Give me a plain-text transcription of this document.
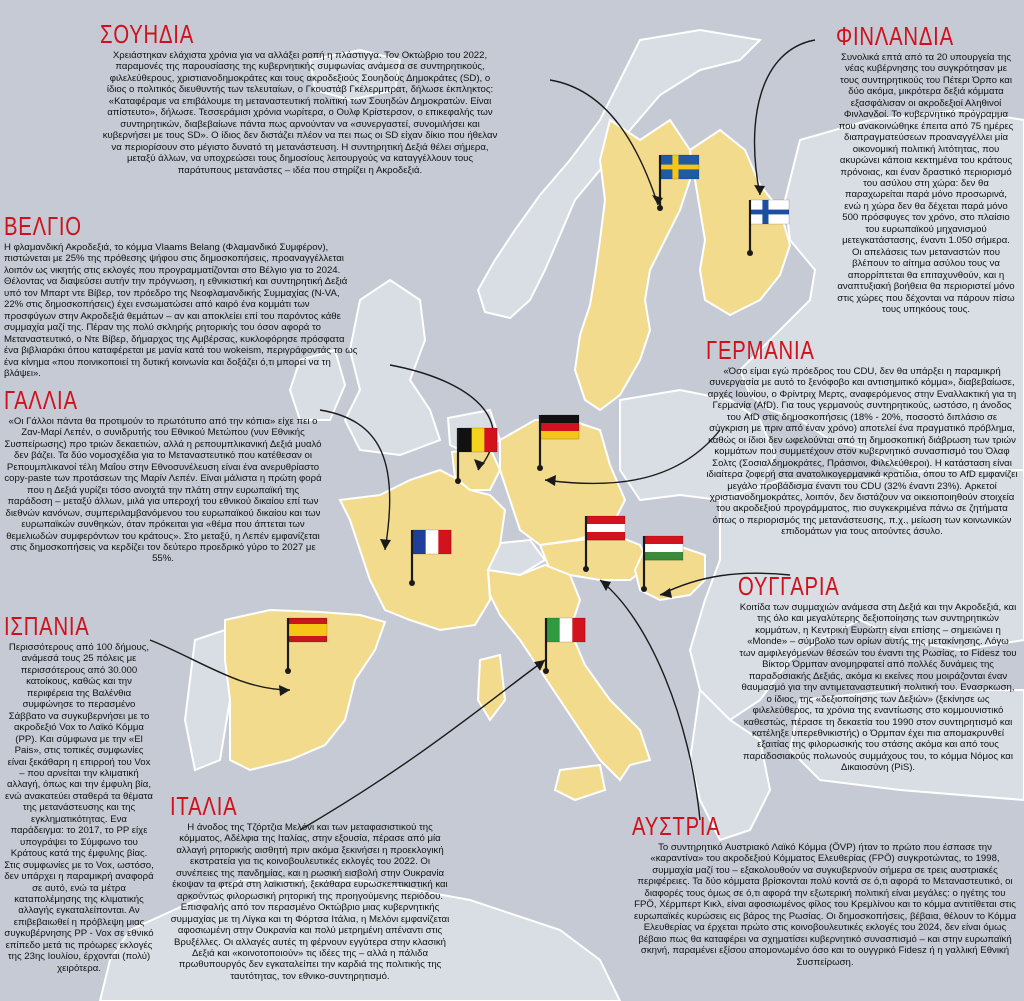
ΣΟΥΗΔΙΑ

Χρειάστηκαν ελάχιστα χρόνια για να αλλάξει ροπή η πλάστιγγα. Τον Οκτώβριο του 2022, παραμονές της παρουσίασης της κυβερνητικής συμφωνίας ανάμεσα σε συντηρητικούς, φιλελεύθερους, χριστιανοδημοκράτες και τους ακροδεξιούς Σουηδούς Δημοκράτες (SD), ο ίδιος ο πολιτικός διευθυντής των τελευταίων, ο Γκουστάβ Γκέλερμπρατ, δήλωσε έκπληκτος: «Καταφέραμε να επιβάλουμε τη μεταναστευτική πολιτική των Σουηδών Δημοκρατών. Είναι απίστευτο», δήλωσε. Τεσσεράμισι χρόνια νωρίτερα, ο Ουλφ Κρίστερσον, ο επικεφαλής των συντηρητικών, διαβεβαίωνε πάντα πως αρνούνταν να «συνεργαστεί, συνομιλήσει και κυβερνήσει με τους SD». Ο ίδιος δεν διστάζει πλέον να πει πως οι SD είχαν δίκιο που ήθελαν να περιορίσουν στο μέγιστο δυνατό τη μετανάστευση. Η συντηρητική Δεξιά θέλει σήμερα, μεταξύ άλλων, να υποχρεώσει τους δημοσίους λειτουργούς να καταγγέλλουν τους παράτυπους μετανάστες – ιδέα που στηρίζει η Ακροδεξιά.

ΦΙΝΛΑΝΔΙΑ

Συνολικά επτά από τα 20 υπουργεία της νέας κυβέρνησης του συγκρότησαν με τους συντηρητικούς του Πέτερι Όρπο και δύο ακόμα, μικρότερα δεξιά κόμματα εξασφάλισαν οι ακροδεξιοί Αληθινοί Φινλανδοί. Το κυβερνητικό πρόγραμμα που ανακοινώθηκε έπειτα από 75 ημέρες διαπραγματεύσεων προαναγγέλλει μία οικονομική πολιτική λιτότητας, που ακυρώνει κάποια κεκτημένα του κράτους πρόνοιας, και έναν δραστικό περιορισμό του ασύλου στη χώρα: δεν θα παραχωρείται παρά μόνο προσωρινά, ενώ η χώρα δεν θα δέχεται παρά μόνο 500 πρόσφυγες τον χρόνο, στο πλαίσιο του ευρωπαϊκού μηχανισμού μετεγκατάστασης, έναντι 1.050 σήμερα. Οι απελάσεις των μεταναστών που βλέπουν το αίτημα ασύλου τους να απορρίπτεται θα επιταχυνθούν, και η αναπτυξιακή βοήθεια θα περιοριστεί μόνο στις χώρες που δέχονται να πάρουν πίσω τους υπηκόους τους.

ΒΕΛΓΙΟ

Η φλαμανδική Ακροδεξιά, το κόμμα Vlaams Belang (Φλαμανδικό Συμφέρον), πιστώνεται με 25% της πρόθεσης ψήφου στις δημοσκοπήσεις, προαναγγέλλεται λοιπόν ως νικητής στις εκλογές που προγραμματίζονται στο Βέλγιο για το 2024. Θέλοντας να διαψεύσει αυτήν την πρόγνωση, η εθνικιστική και συντηρητική Δεξιά υπό τον Μπαρτ ντε Βίβερ, τον πρόεδρο της Νεοφλαμανδικής Συμμαχίας (N-VA, 22% στις δημοσκοπήσεις) έχει ενσωματώσει από καιρό ένα κομμάτι των προσφύγων στην Ακροδεξιά θεμάτων – αν και αποκλείει επί του παρόντος κάθε συμμαχία μαζί της. Πέραν της πολύ σκληρής ρητορικής του όσον αφορά το Μεταναστευτικό, ο Ντε Βίβερ, δήμαρχος της Αμβέρσας, κυκλοφόρησε πρόσφατα ένα βιβλιαράκι όπου καταφέρεται με μανία κατά του wokeism, περιγράφοντάς το ως ένα κίνημα «που ποινικοποιεί τη δυτική κοινωνία και δοξάζει ό,τι μπορεί να τη βλάψει».

ΓΕΡΜΑΝΙΑ

«Όσο είμαι εγώ πρόεδρος του CDU, δεν θα υπάρξει η παραμικρή συνεργασία με αυτό το ξενόφοβο και αντισημιτικό κόμμα», διαβεβαίωσε, αρχές Ιουνίου, ο Φρίντριχ Μερτς, αναφερόμενος στην Εναλλακτική για τη Γερμανία (AfD). Για τους γερμανούς συντηρητικούς, ωστόσο, η άνοδος του AfD στις δημοσκοπήσεις (18% - 20%, ποσοστό διπλάσιο σε σύγκριση με πριν από έναν χρόνο) αποτελεί ένα πραγματικό πρόβλημα, καθώς οι ίδιοι δεν ωφελούνται από τη δημοσκοπική διάβρωση των τριών κομμάτων που συμμετέχουν στον κυβερνητικό συνασπισμό του Όλαφ Σολτς (Σοσιαλδημοκράτες, Πράσινοι, Φιλελεύθεροι). Η κατάσταση είναι ιδιαίτερα ζοφερή στα ανατολικογερμανικά κρατίδια, όπου το AfD εμφανίζει μεγάλο προβάδισμα έναντι του CDU (32% έναντι 23%). Αρκετοί χριστιανοδημοκράτες, λοιπόν, δεν διστάζουν να οικειοποιηθούν στοιχεία του ακροδεξιού προγράμματος, πιο συγκεκριμένα πάνω σε ζητήματα όπως ο περιορισμός της μετανάστευσης, π.χ., μείωση των κοινωνικών επιδομάτων για τους αιτούντες άσυλο.

ΓΑΛΛΙΑ

«Οι Γάλλοι πάντα θα προτιμούν το πρωτότυπο από την κόπια» είχε πει ο Ζαν-Μαρί Λεπέν, ο συνιδρυτής του Εθνικού Μετώπου (νυν Εθνικής Συσπείρωσης) προ τριών δεκαετιών, αλλά η ρεπουμπλικανική Δεξιά μυαλό δεν βάζει. Τα δύο νομοσχέδια για το Μεταναστευτικό που κατέθεσαν οι Ρεπουμπλικανοί τέλη Μαΐου στην Εθνοσυνέλευση είναι ένα ανερυθρίαστο copy-paste των προτάσεων της Μαρίν Λεπέν. Είναι μάλιστα η πρώτη φορά που η Δεξιά γυρίζει τόσο ανοιχτά την πλάτη στην ευρωπαϊκή της παράδοση – μεταξύ άλλων, μιλά για υπεροχή του εθνικού δικαίου επί των διεθνών κανόνων, συμπεριλαμβανόμενου του ευρωπαϊκού δικαίου και των ευρωπαϊκών συνθηκών, όταν πρόκειται για «θέμα που άπτεται των θεμελιωδών συμφερόντων του κράτους». Στο μεταξύ, η Λεπέν εμφανίζεται στις δημοσκοπήσεις να κερδίζει τον δεύτερο προεδρικό γύρο το 2027 με 55%.

ΟΥΓΓΑΡΙΑ

Κοιτίδα των συμμαχιών ανάμεσα στη Δεξιά και την Ακροδεξιά, και της όλο και μεγαλύτερης δεξιοποίησης των συντηρητικών κομμάτων, η Κεντρική Ευρώπη είναι επίσης – σημειώνει η «Monde» – σύμβολο των ορίων αυτής της μετακίνησης. Λόγω των αμφιλεγόμενων θέσεών του έναντι της Ρωσίας, το Fidesz του Βίκτορ Όρμπαν ανομηρφατεί από πολλές δυνάμεις της παραδοσιακής Δεξιάς, ακόμα κι εκείνες που μοιράζονται έναν θαυμασμό για την αντιμεταναστευτική πολιτική του. Ενασρκωση, ο ίδιος, της «δεξιοποίησης των Δεξιών» (ξεκίνησε ως φιλελεύθερος, τα χρόνια της εναντίωσης στο κομμουνιστικό καθεστώς, πέρασε τη δεκαετία του 1990 στον συντηρητισμό και κατέληξε υπερεθνικιστής) ο Όρμπαν έχει πια απομακρυνθεί εξαιτίας της φιλορωσικής του στάσης ακόμα και από τους παραδοσιακούς πολωνούς συμμάχους του, το κόμμα Νόμος και Δικαιοσύνη (PiS).

ΙΣΠΑΝΙΑ

Περισσότερους από 100 δήμους, ανάμεσά τους 25 πόλεις με περισσότερους από 30.000 κατοίκους, καθώς και την περιφέρεια της Βαλένθια συμφώνησε το περασμένο Σάββατο να συγκυβερνήσει με το ακροδεξιό Vox το Λαϊκό Κόμμα (PP). Και σύμφωνα με την «El Pais», στις τοπικές συμφωνίες είναι ξεκάθαρη η επιρροή του Vox – που αρνείται την κλιματική αλλαγή, όπως και την έμφυλη βία, ενώ ανακατεύει σταθερά τα θέματα της μετανάστευσης και της εγκληματικότητας. Ενα παράδειγμα: το 2017, το PP είχε υπογράψει το Σύμφωνο του Κράτους κατά της έμφυλης βίας. Στις συμφωνίες με το Vox, ωστόσο, δεν υπάρχει η παραμικρή αναφορά σε αυτό, ενώ τα μέτρα καταπολέμησης της κλιματικής αλλαγής εγκαταλείπονται. Αν επιβεβαιωθεί η πρόβλεψη μιας συγκυβέρνησης PP - Vox σε εθνικό επίπεδο μετά τις πρόωρες εκλογές της 23ης Ιουλίου, έρχονται (πολύ) χειρότερα.

ΙΤΑΛΙΑ

Η άνοδος της Τζόρτζια Μελόνι και των μεταφασιστικού της κόμματος, Αδέλφια της Ιταλίας, στην εξουσία, πέρασε από μία αλλαγή ρητορικής αισθητή πριν ακόμα ξεκινήσει η προεκλογική εκστρατεία για τις κοινοβουλευτικές εκλογές του 2022. Οι συνέπειες της πανδημίας, και η ρωσική εισβολή στην Ουκρανία έκοψαν τα φτερά στη λαϊκιστική, ξεκάθαρα ευρωσκεπτικιστική και αρκούντως φιλορωσική ρητορική της προηγούμενης περιόδου. Επισφαλής από τον περασμένο Οκτώβριο μιας κυβερνητικής συμμαχίας με τη Λίγκα και τη Φόρτσα Ιτάλια, η Μελόνι εμφανίζεται αφοσιωμένη στην Ουκρανία και πολύ μετρημένη απέναντι στις Βρυξέλλες. Οι αλλαγές αυτές τη φέρνουν εγγύτερα στην κλασική Δεξιά και «κοινοτοποιούν» τις ιδέες της – αλλά η πάλιδα πρωθυπουργός δεν εγκαταλείπει την καρδιά της πολιτικής της ταυτότητας, τον εθνικο-συντηρητισμό.

ΑΥΣΤΡΙΑ

Το συντηρητικό Αυστριακό Λαϊκό Κόμμα (ÖVP) ήταν το πρώτο που έσπασε την «καραντίνα» του ακροδεξιού Κόμματος Ελευθερίας (FPÖ) συγκροτώντας, το 1998, συμμαχία μαζί του – εξακολουθούν να συγκυβερνούν σήμερα σε τρεις αυστριακές περιφέρειες. Τα δύο κόμματα βρίσκονται πολύ κοντά σε ό,τι αφορά το Μεταναστευτικό, οι διαφορές τους όμως σε ό,τι αφορά την εξωτερική πολιτική είναι μεγάλες: ο ηγέτης του FPÖ, Χέρμπερτ Κικλ, είναι αφοσιωμένος φίλος του Κρεμλίνου και το κόμμα αντιτίθεται στις ευρωπαϊκές κυρώσεις εις βάρος της Ρωσίας. Οι δημοσκοπήσεις, βέβαια, θέλουν το Κόμμα Ελευθερίας να έρχεται πρώτο στις κοινοβουλευτικές εκλογές του 2024, δεν είναι όμως βέβαιο πως θα καταφέρει να σχηματίσει κυβερνητικό συνασπισμό – και στην ευρωπαϊκή σκηνή, παραμένει εξίσου απομονωμένο όσο και το ουγγρικό Fidesz ή η γαλλική Εθνική Συσπείρωση.
